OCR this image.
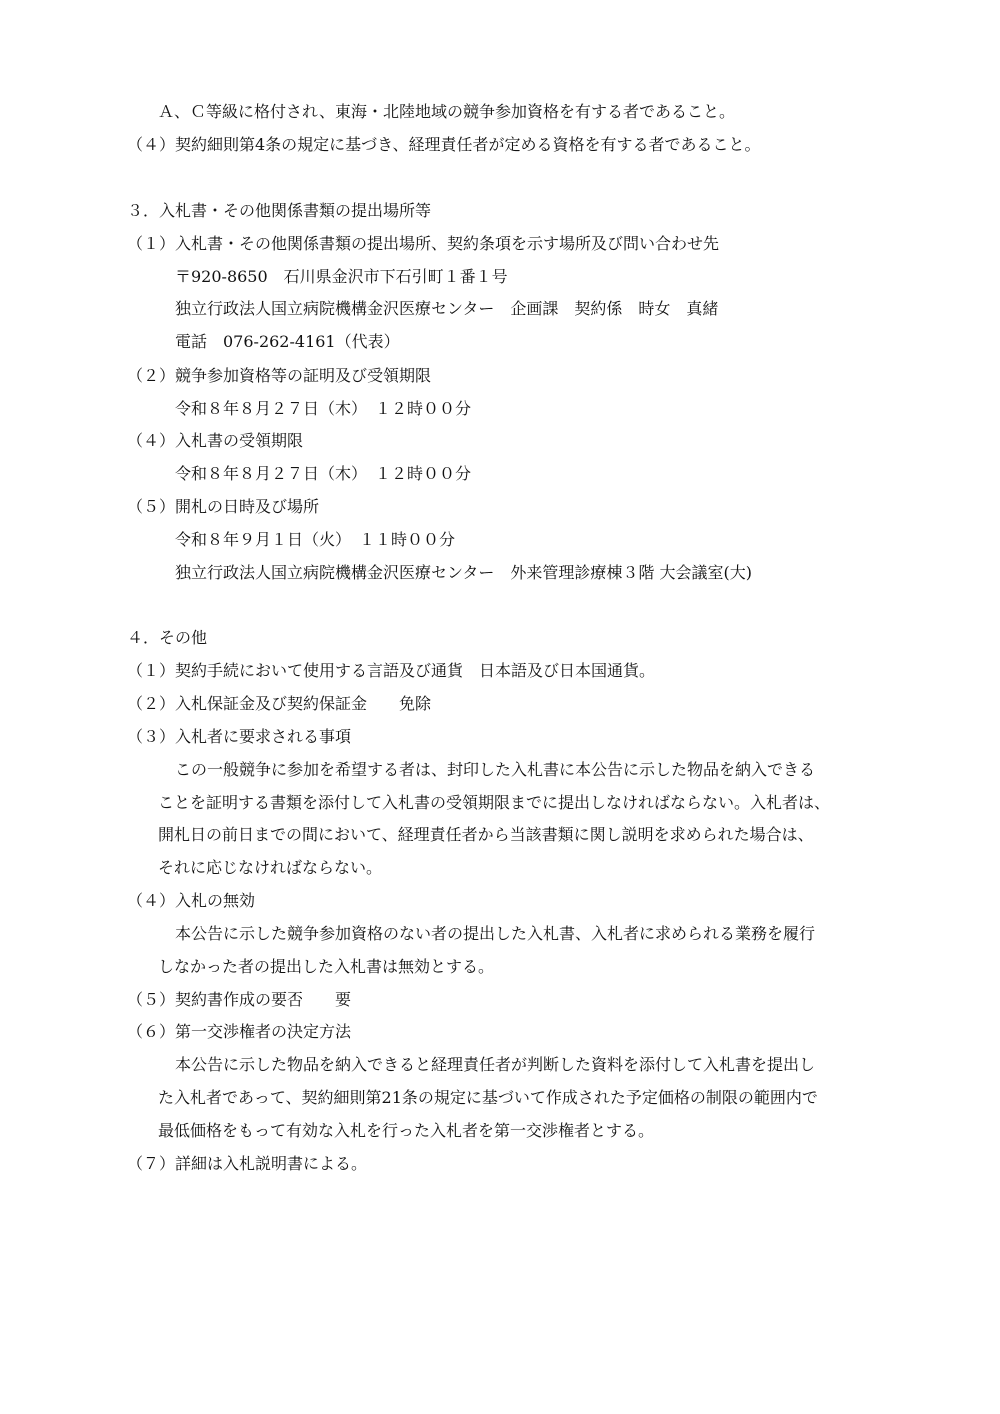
Ａ、Ｃ等級に格付され、東海・北陸地域の競争参加資格を有する者であること。
（４）契約細則第4条の規定に基づき、経理責任者が定める資格を有する者であること。
３．入札書・その他関係書類の提出場所等
（１）入札書・その他関係書類の提出場所、契約条項を示す場所及び問い合わせ先
〒920-8650　石川県金沢市下石引町１番１号
独立行政法人国立病院機構金沢医療センター　企画課　契約係　時女　真緒
電話　076-262-4161（代表）
（２）競争参加資格等の証明及び受領期限
令和８年８月２７日（木）　１２時００分
（４）入札書の受領期限
令和８年８月２７日（木）　１２時００分
（５）開札の日時及び場所
令和８年９月１日（火）　１１時００分
独立行政法人国立病院機構金沢医療センター　外来管理診療棟３階 大会議室(大)
４．その他
（１）契約手続において使用する言語及び通貨　日本語及び日本国通貨。
（２）入札保証金及び契約保証金　　免除
（３）入札者に要求される事項
この一般競争に参加を希望する者は、封印した入札書に本公告に示した物品を納入できる
ことを証明する書類を添付して入札書の受領期限までに提出しなければならない。入札者は、
開札日の前日までの間において、経理責任者から当該書類に関し説明を求められた場合は、
それに応じなければならない。
（４）入札の無効
本公告に示した競争参加資格のない者の提出した入札書、入札者に求められる業務を履行
しなかった者の提出した入札書は無効とする。
（５）契約書作成の要否　　要
（６）第一交渉権者の決定方法
本公告に示した物品を納入できると経理責任者が判断した資料を添付して入札書を提出し
た入札者であって、契約細則第21条の規定に基づいて作成された予定価格の制限の範囲内で
最低価格をもって有効な入札を行った入札者を第一交渉権者とする。
（７）詳細は入札説明書による。
